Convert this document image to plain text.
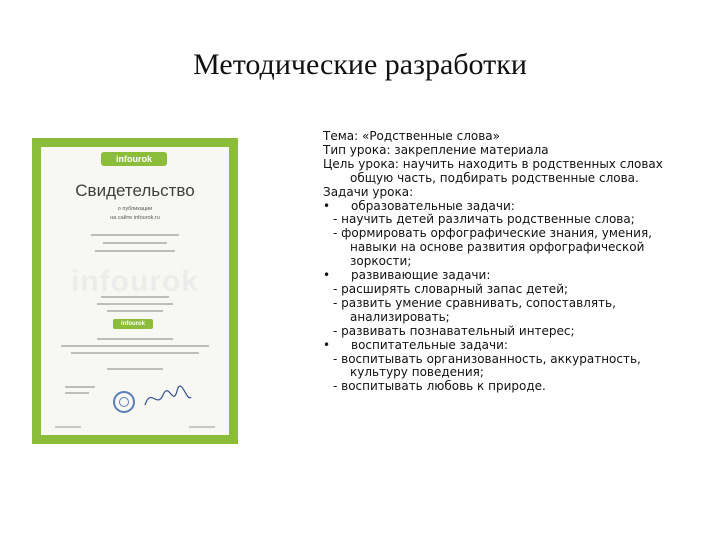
Методические разработки
infourok
infourok
Свидетельство
о публикации
на сайте infourok.ru
infourok

Тема: «Родственные слова»

Тип урока: закрепление материала

Цель урока: научить находить в родственных словах

общую часть, подбирать родственные слова.

Задачи урока:

•	образовательные задачи:

- научить детей различать родственные слова;

- формировать орфографические знания, умения,

навыки на основе развития орфографической

зоркости;

•	развивающие задачи:

- расширять словарный запас детей;

- развить умение сравнивать, сопоставлять,

анализировать;

- развивать познавательный интерес;

•	воспитательные задачи:

- воспитывать организованность, аккуратность,

культуру поведения;

- воспитывать любовь к природе.
